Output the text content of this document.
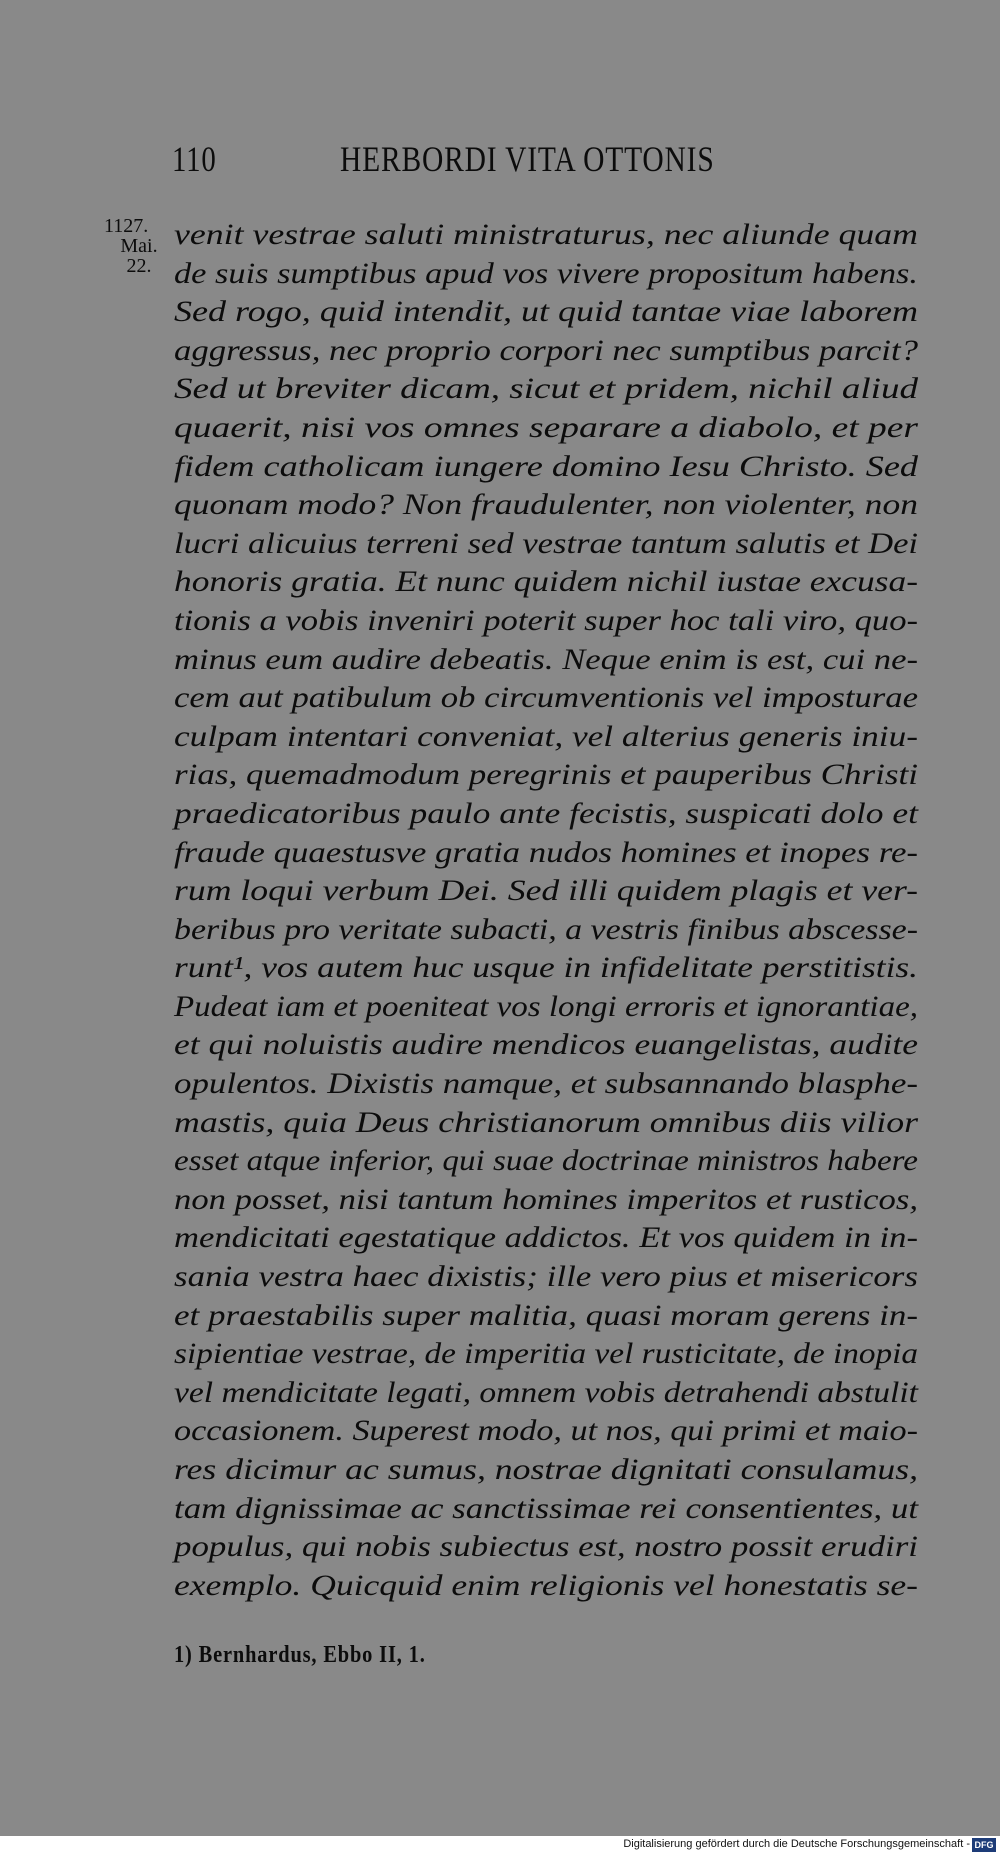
110	HERBORDI VITA OTTONIS
1127.
Mai.
22.
venit vestrae saluti ministraturus, nec aliunde quam
de suis sumptibus apud vos vivere propositum habens.
Sed rogo, quid intendit, ut quid tantae viae laborem
aggressus, nec proprio corpori nec sumptibus parcit?
Sed ut breviter dicam, sicut et pridem, nichil aliud
quaerit, nisi vos omnes separare a diabolo, et per
fidem catholicam iungere domino Iesu Christo. Sed
quonam modo? Non fraudulenter, non violenter, non
lucri alicuius terreni sed vestrae tantum salutis et Dei
honoris gratia. Et nunc quidem nichil iustae excusa-
tionis a vobis inveniri poterit super hoc tali viro, quo-
minus eum audire debeatis. Neque enim is est, cui ne-
cem aut patibulum ob circumventionis vel imposturae
culpam intentari conveniat, vel alterius generis iniu-
rias, quemadmodum peregrinis et pauperibus Christi
praedicatoribus paulo ante fecistis, suspicati dolo et
fraude quaestusve gratia nudos homines et inopes re-
rum loqui verbum Dei. Sed illi quidem plagis et ver-
beribus pro veritate subacti, a vestris finibus abscesse-
runt¹, vos autem huc usque in infidelitate perstitistis.
Pudeat iam et poeniteat vos longi erroris et ignorantiae,
et qui noluistis audire mendicos euangelistas, audite
opulentos. Dixistis namque, et subsannando blasphe-
mastis, quia Deus christianorum omnibus diis vilior
esset atque inferior, qui suae doctrinae ministros habere
non posset, nisi tantum homines imperitos et rusticos,
mendicitati egestatique addictos. Et vos quidem in in-
sania vestra haec dixistis; ille vero pius et misericors
et praestabilis super malitia, quasi moram gerens in-
sipientiae vestrae, de imperitia vel rusticitate, de inopia
vel mendicitate legati, omnem vobis detrahendi abstulit
occasionem. Superest modo, ut nos, qui primi et maio-
res dicimur ac sumus, nostrae dignitati consulamus,
tam dignissimae ac sanctissimae rei consentientes, ut
populus, qui nobis subiectus est, nostro possit erudiri
exemplo. Quicquid enim religionis vel honestatis se-
1) Bernhardus, Ebbo II, 1.
Digitalisierung gefördert durch die Deutsche Forschungsgemeinschaft - DFG
